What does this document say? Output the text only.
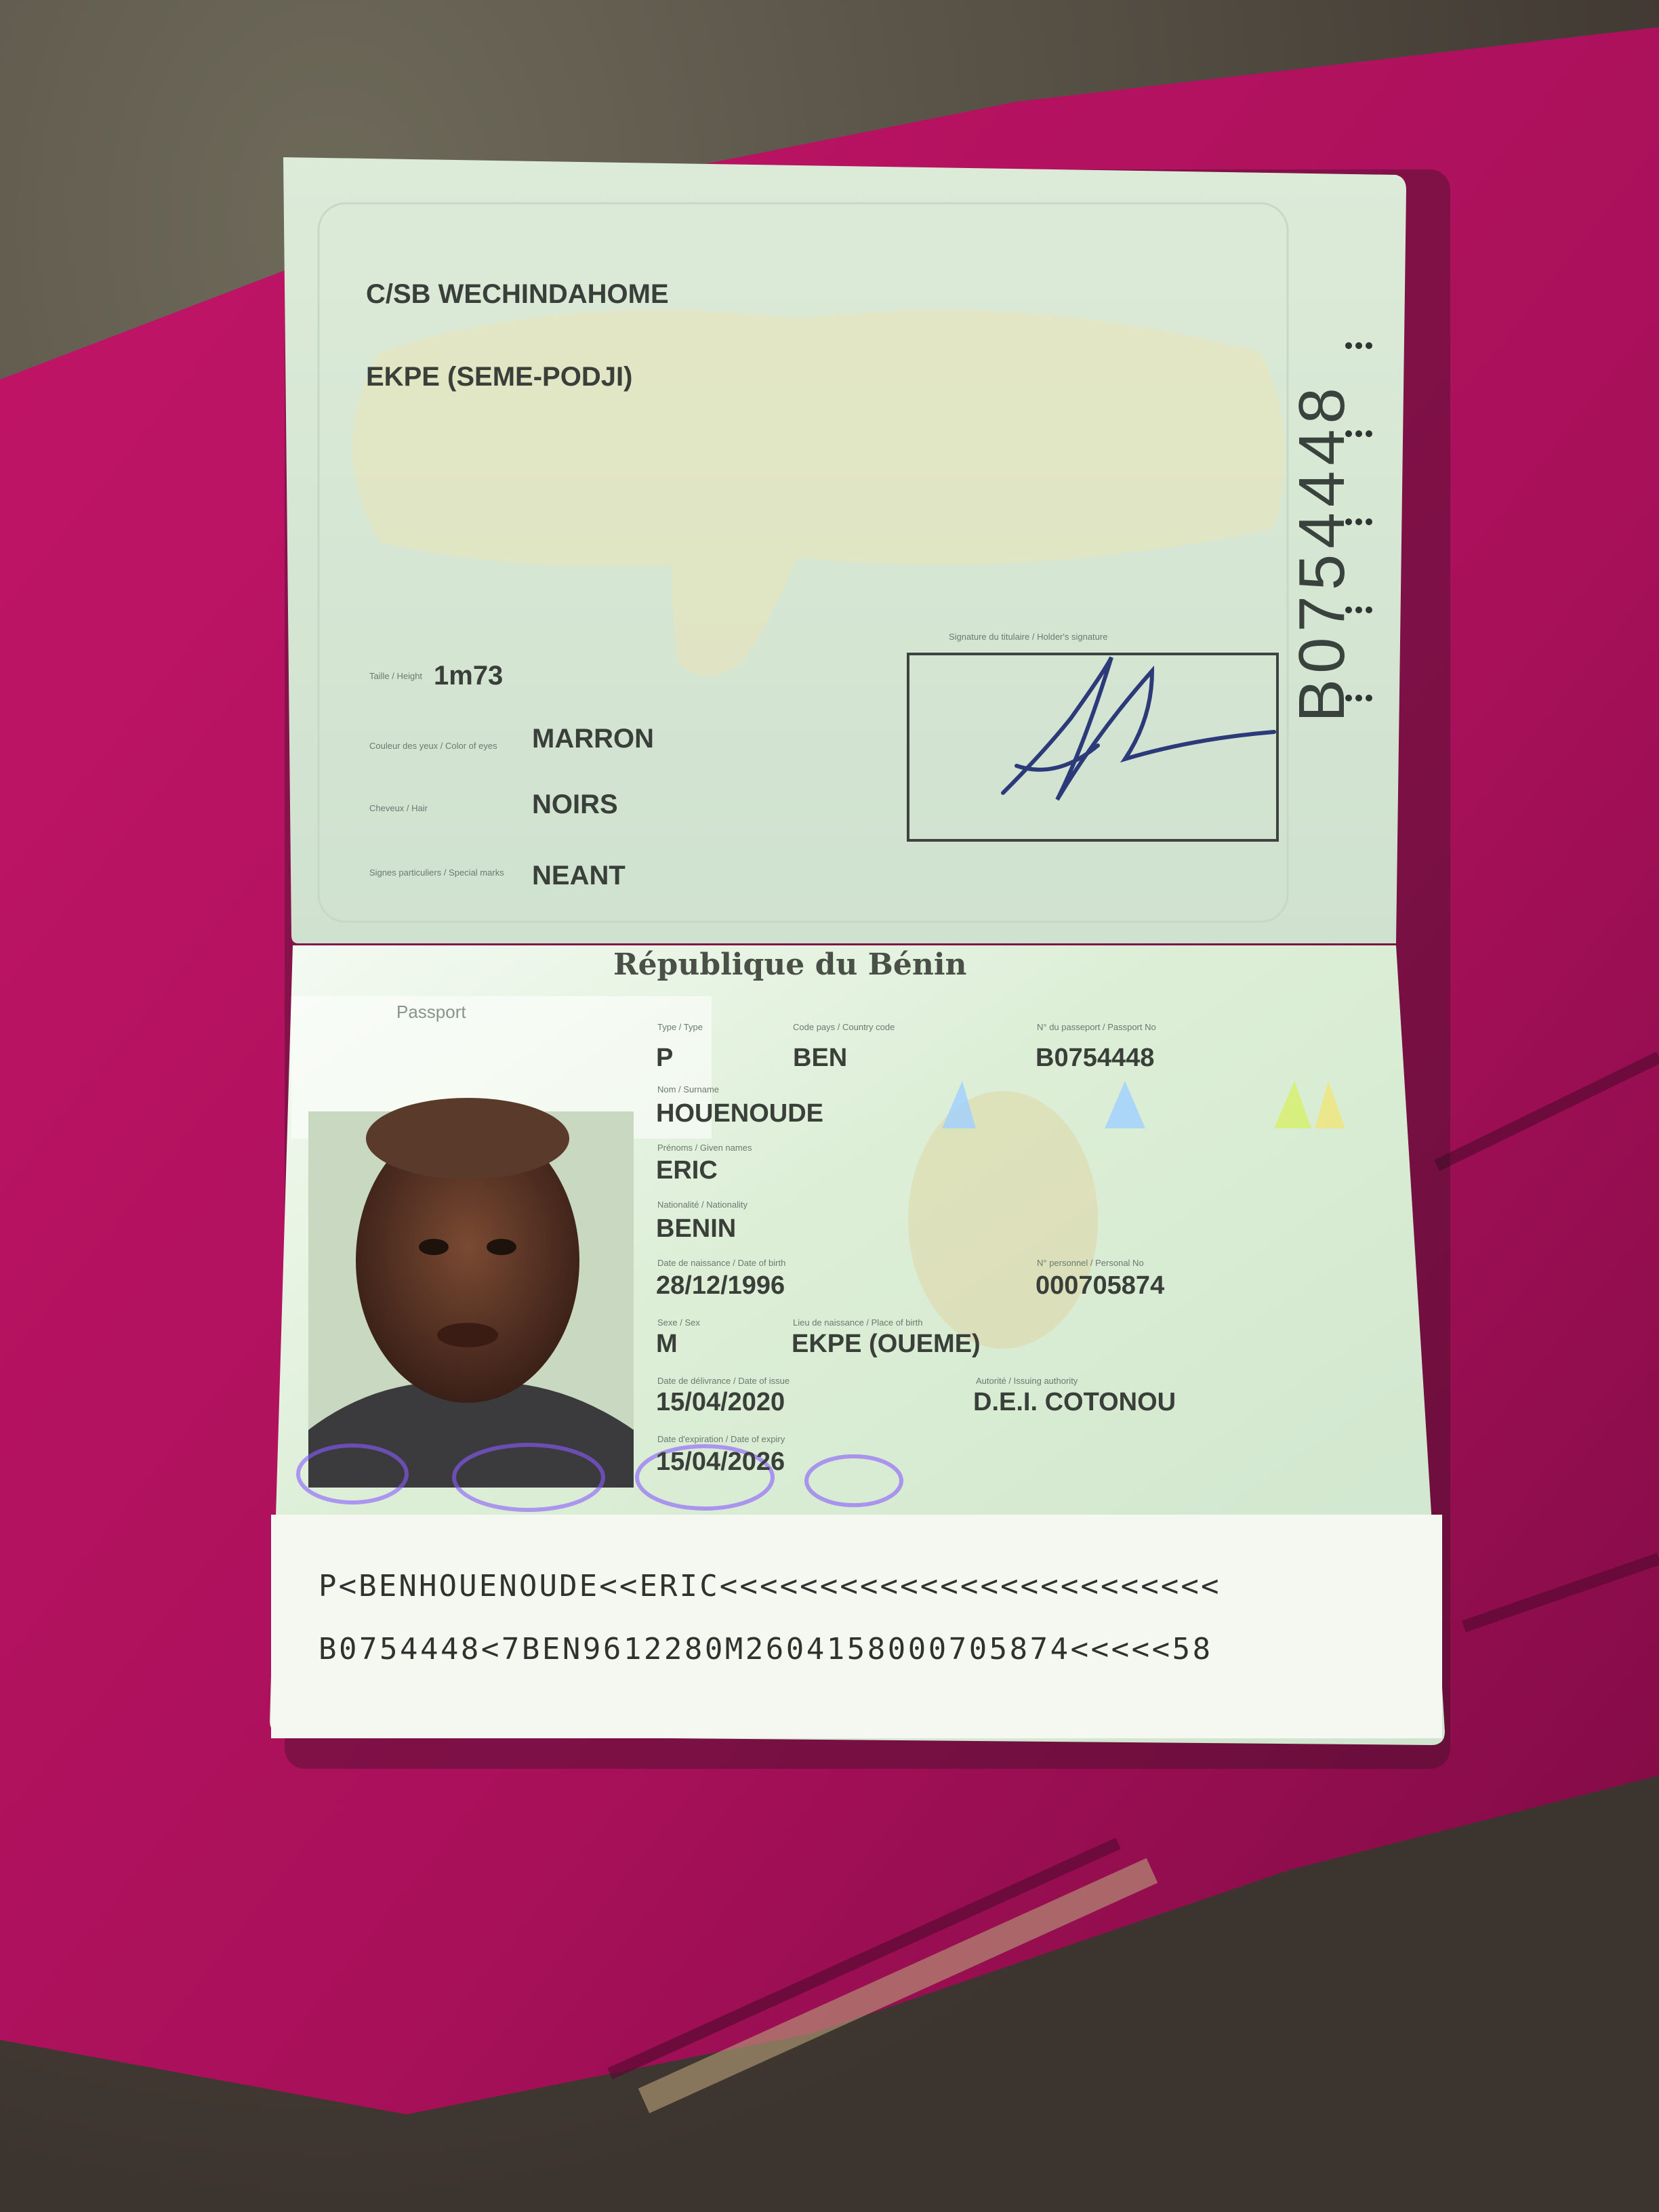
C/SB WECHINDAHOME
EKPE (SEME-PODJI)
Taille / Height 1m73
Couleur des yeux / Color of eyes	MARRON
Cheveux / Hair	NOIRS
Signes particuliers / Special marks	NEANT
Signature du titulaire / Holder's signature	B0754448
République du Bénin
Passport
Type / Type
P
Code pays / Country code
BEN
N° du passeport / Passport No
B0754448
Nom / Surname
HOUENOUDE
Prénoms / Given names
ERIC
Nationalité / Nationality
BENIN
Date de naissance / Date of birth
28/12/1996
N° personnel / Personal No
000705874
Sexe / Sex
M
Lieu de naissance / Place of birth
EKPE (OUEME)
Date de délivrance / Date of issue
15/04/2020
Autorité / Issuing authority
D.E.I. COTONOU
Date d'expiration / Date of expiry
15/04/2026
P<BENHOUENOUDE<<ERIC<<<<<<<<<<<<<<<<<<<<<<<<<
B0754448<7BEN9612280M2604158000705874<<<<<58
